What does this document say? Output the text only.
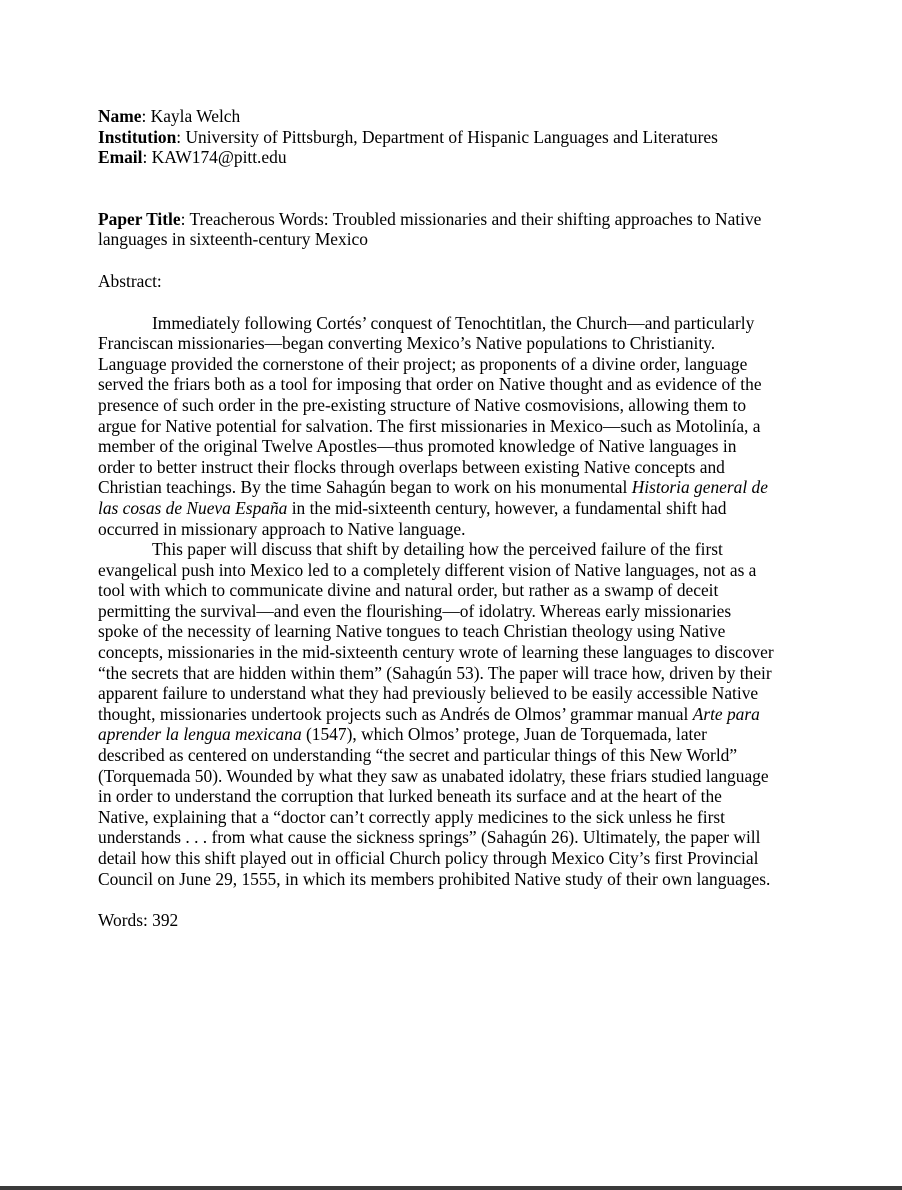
Name: Kayla Welch

Institution: University of Pittsburgh, Department of Hispanic Languages and Literatures

Email: KAW174@pitt.edu

Paper Title: Treacherous Words: Troubled missionaries and their shifting approaches to Native
languages in sixteenth-century Mexico

Abstract:

Immediately following Cortés’ conquest of Tenochtitlan, the Church—and particularly
Franciscan missionaries—began converting Mexico’s Native populations to Christianity.
Language provided the cornerstone of their project; as proponents of a divine order, language
served the friars both as a tool for imposing that order on Native thought and as evidence of the
presence of such order in the pre-existing structure of Native cosmovisions, allowing them to
argue for Native potential for salvation. The first missionaries in Mexico—such as Motolinía, a
member of the original Twelve Apostles—thus promoted knowledge of Native languages in
order to better instruct their flocks through overlaps between existing Native concepts and
Christian teachings. By the time Sahagún began to work on his monumental Historia general de
las cosas de Nueva España in the mid-sixteenth century, however, a fundamental shift had
occurred in missionary approach to Native language.

This paper will discuss that shift by detailing how the perceived failure of the first
evangelical push into Mexico led to a completely different vision of Native languages, not as a
tool with which to communicate divine and natural order, but rather as a swamp of deceit
permitting the survival—and even the flourishing—of idolatry. Whereas early missionaries
spoke of the necessity of learning Native tongues to teach Christian theology using Native
concepts, missionaries in the mid-sixteenth century wrote of learning these languages to discover
“the secrets that are hidden within them” (Sahagún 53). The paper will trace how, driven by their
apparent failure to understand what they had previously believed to be easily accessible Native
thought, missionaries undertook projects such as Andrés de Olmos’ grammar manual Arte para
aprender la lengua mexicana (1547), which Olmos’ protege, Juan de Torquemada, later
described as centered on understanding “the secret and particular things of this New World”
(Torquemada 50). Wounded by what they saw as unabated idolatry, these friars studied language
in order to understand the corruption that lurked beneath its surface and at the heart of the
Native, explaining that a “doctor can’t correctly apply medicines to the sick unless he first
understands . . . from what cause the sickness springs” (Sahagún 26). Ultimately, the paper will
detail how this shift played out in official Church policy through Mexico City’s first Provincial
Council on June 29, 1555, in which its members prohibited Native study of their own languages.

Words: 392
